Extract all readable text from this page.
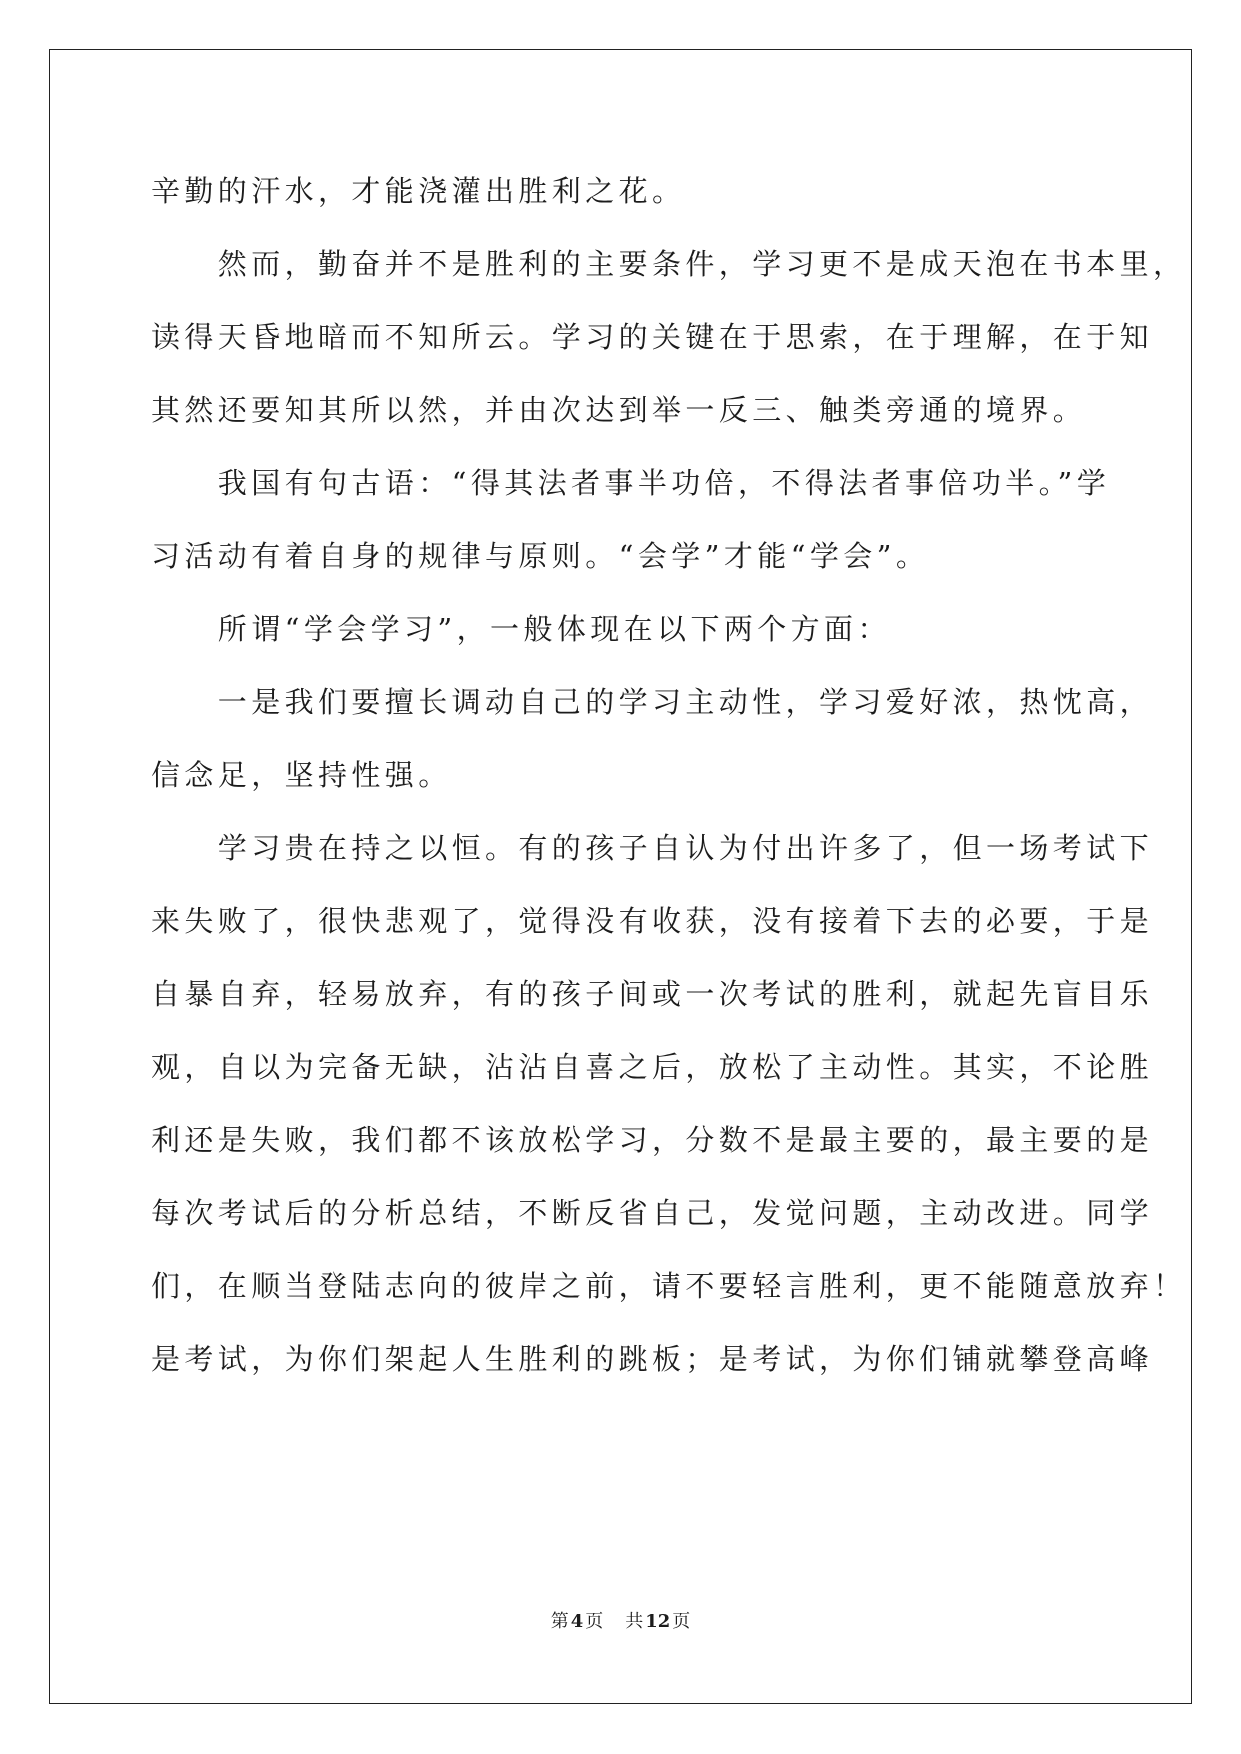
辛勤的汗水，才能浇灌出胜利之花。
　　然而，勤奋并不是胜利的主要条件，学习更不是成天泡在书本里，
读得天昏地暗而不知所云。学习的关键在于思索，在于理解，在于知
其然还要知其所以然，并由次达到举一反三、触类旁通的境界。
　　我国有句古语：“得其法者事半功倍，不得法者事倍功半。”学
习活动有着自身的规律与原则。“会学”才能“学会”。
　　所谓“学会学习”，一般体现在以下两个方面：
　　一是我们要擅长调动自己的学习主动性，学习爱好浓，热忱高，
信念足，坚持性强。
　　学习贵在持之以恒。有的孩子自认为付出许多了，但一场考试下
来失败了，很快悲观了，觉得没有收获，没有接着下去的必要，于是
自暴自弃，轻易放弃，有的孩子间或一次考试的胜利，就起先盲目乐
观，自以为完备无缺，沾沾自喜之后，放松了主动性。其实，不论胜
利还是失败，我们都不该放松学习，分数不是最主要的，最主要的是
每次考试后的分析总结，不断反省自己，发觉问题，主动改进。同学
们，在顺当登陆志向的彼岸之前，请不要轻言胜利，更不能随意放弃！
是考试，为你们架起人生胜利的跳板；是考试，为你们铺就攀登高峰
第 4 页 共 12 页
